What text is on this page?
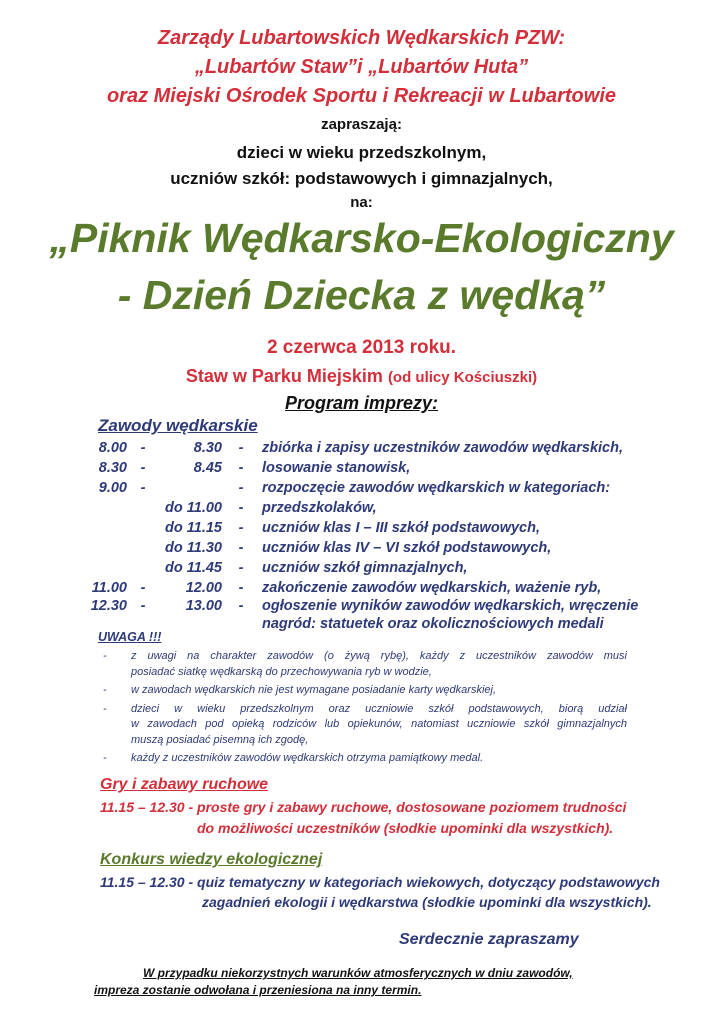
Zarządy Lubartowskich Wędkarskich PZW:
„Lubartów Staw”i „Lubartów Huta”
oraz Miejski Ośrodek Sportu i Rekreacji w Lubartowie
zapraszają:
dzieci w wieku przedszkolnym,
uczniów szkół: podstawowych i gimnazjalnych,
na:
„Piknik Wędkarsko-Ekologiczny
- Dzień Dziecka z wędką”
2 czerwca 2013 roku.
Staw w Parku Miejskim (od ulicy Kościuszki)
Program imprezy:
Zawody wędkarskie
8.00 -	8.30 - zbiórka i zapisy uczestników zawodów wędkarskich,
8.30 -	8.45 - losowanie stanowisk,
9.00 -	- rozpoczęcie zawodów wędkarskich w kategoriach:
do 11.00 - przedszkolaków,
do 11.15 - uczniów klas I – III szkół podstawowych,
do 11.30 - uczniów klas IV – VI szkół podstawowych,
do 11.45 - uczniów szkół gimnazjalnych,
11.00 -	12.00 - zakończenie zawodów wędkarskich, ważenie ryb,
12.30 -	13.00 - ogłoszenie wyników zawodów wędkarskich, wręczenie
nagród: statuetek oraz okolicznościowych medali
UWAGA !!!
- z uwagi na charakter zawodów (o żywą rybę), każdy z uczestników zawodów musi
posiadać siatkę wędkarską do przechowywania ryb w wodzie,
- w zawodach wędkarskich nie jest wymagane posiadanie karty wędkarskiej,
- dzieci w wieku przedszkolnym oraz uczniowie szkół podstawowych, biorą udział
w zawodach pod opieką rodziców lub opiekunów, natomiast uczniowie szkół gimnazjalnych
muszą posiadać pisemną ich zgodę,
- każdy z uczestników zawodów wędkarskich otrzyma pamiątkowy medal.
Gry i zabawy ruchowe
11.15 – 12.30 - proste gry i zabawy ruchowe, dostosowane poziomem trudności
do możliwości uczestników (słodkie upominki dla wszystkich).
Konkurs wiedzy ekologicznej
11.15 – 12.30 - quiz tematyczny w kategoriach wiekowych, dotyczący podstawowych
zagadnień ekologii i wędkarstwa (słodkie upominki dla wszystkich).
Serdecznie zapraszamy
W przypadku niekorzystnych warunków atmosferycznych w dniu zawodów,
impreza zostanie odwołana i przeniesiona na inny termin.
